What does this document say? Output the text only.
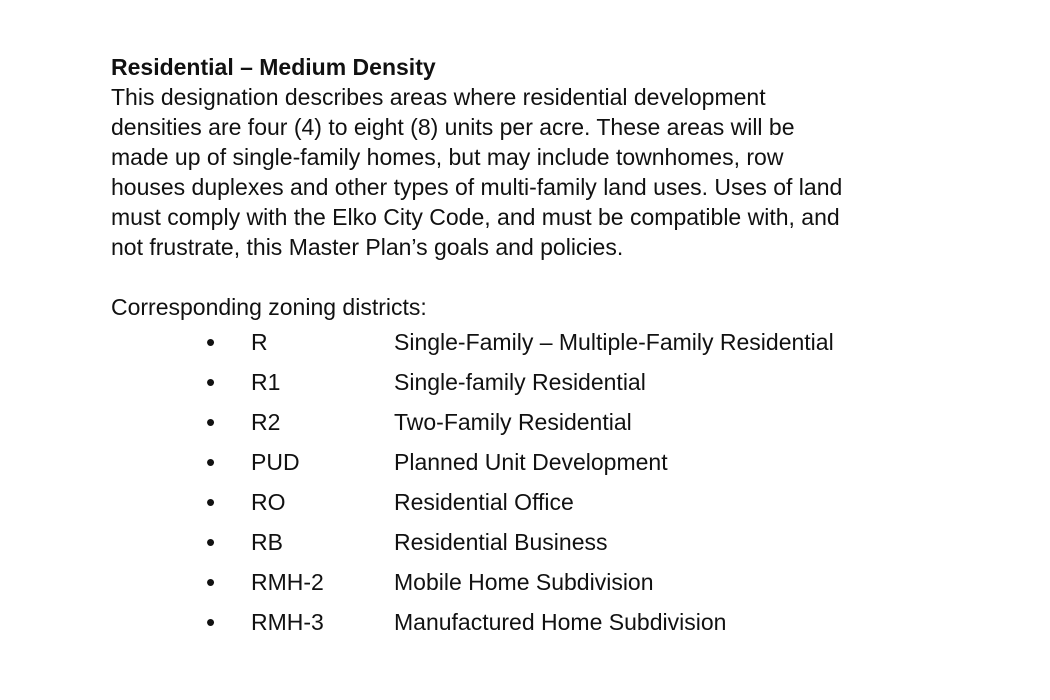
Residential – Medium Density

This designation describes areas where residential development

densities are four (4) to eight (8) units per acre. These areas will be

made up of single-family homes, but may include townhomes, row

houses duplexes and other types of multi-family land uses. Uses of land

must comply with the Elko City Code, and must be compatible with, and

not frustrate, this Master Plan’s goals and policies.

Corresponding zoning districts:

• R	Single-Family – Multiple-Family Residential
• R1	Single-family Residential
• R2	Two-Family Residential
• PUD	Planned Unit Development
• RO	Residential Office
• RB	Residential Business
• RMH-2	Mobile Home Subdivision
• RMH-3	Manufactured Home Subdivision
